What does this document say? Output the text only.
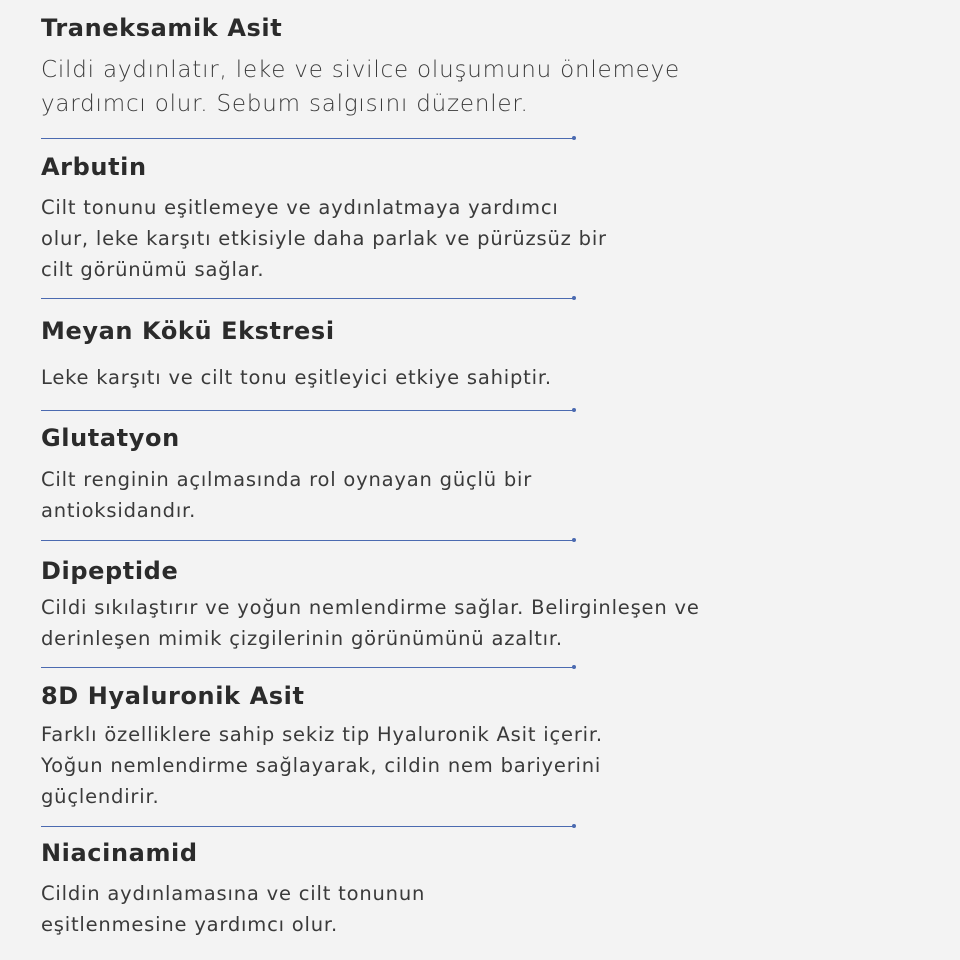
Traneksamik Asit

Cildi aydınlatır, leke ve sivilce oluşumunu önlemeye
yardımcı olur. Sebum salgısını düzenler.

Arbutin

Cilt tonunu eşitlemeye ve aydınlatmaya yardımcı
olur, leke karşıtı etkisiyle daha parlak ve pürüzsüz bir
cilt görünümü sağlar.

Meyan Kökü Ekstresi

Leke karşıtı ve cilt tonu eşitleyici etkiye sahiptir.

Glutatyon

Cilt renginin açılmasında rol oynayan güçlü bir
antioksidandır.

Dipeptide

Cildi sıkılaştırır ve yoğun nemlendirme sağlar. Belirginleşen ve
derinleşen mimik çizgilerinin görünümünü azaltır.

8D Hyaluronik Asit

Farklı özelliklere sahip sekiz tip Hyaluronik Asit içerir.
Yoğun nemlendirme sağlayarak, cildin nem bariyerini
güçlendirir.

Niacinamid

Cildin aydınlamasına ve cilt tonunun
eşitlenmesine yardımcı olur.
